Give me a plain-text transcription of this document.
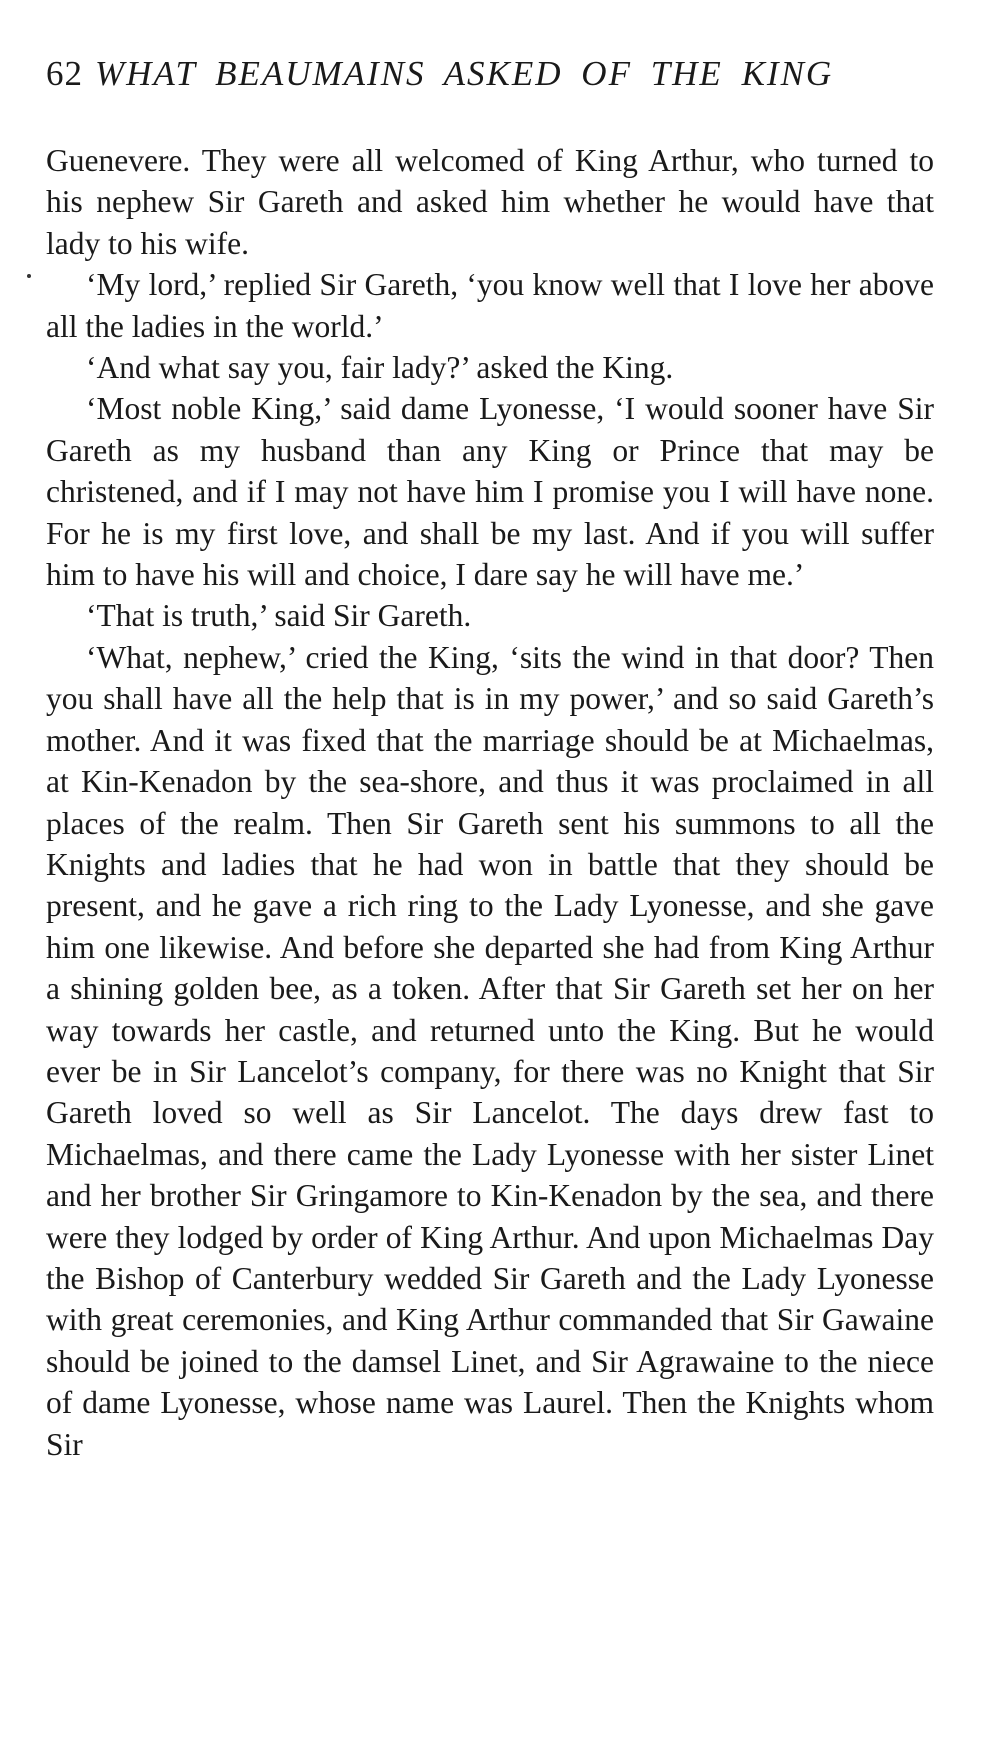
62 WHAT BEAUMAINS ASKED OF THE KING

Guenevere. They were all welcomed of King Arthur, who turned to his nephew Sir Gareth and asked him whether he would have that lady to his wife.

‘My lord,’ replied Sir Gareth, ‘you know well that I love her above all the ladies in the world.’

‘And what say you, fair lady?’ asked the King.

‘Most noble King,’ said dame Lyonesse, ‘I would sooner have Sir Gareth as my husband than any King or Prince that may be christened, and if I may not have him I promise you I will have none. For he is my first love, and shall be my last. And if you will suffer him to have his will and choice, I dare say he will have me.’

‘That is truth,’ said Sir Gareth.

‘What, nephew,’ cried the King, ‘sits the wind in that door? Then you shall have all the help that is in my power,’ and so said Gareth’s mother. And it was fixed that the marriage should be at Michaelmas, at Kin-Kenadon by the sea-shore, and thus it was proclaimed in all places of the realm. Then Sir Gareth sent his summons to all the Knights and ladies that he had won in battle that they should be present, and he gave a rich ring to the Lady Lyonesse, and she gave him one likewise. And before she departed she had from King Arthur a shining golden bee, as a token. After that Sir Gareth set her on her way towards her castle, and returned unto the King. But he would ever be in Sir Lancelot’s company, for there was no Knight that Sir Gareth loved so well as Sir Lancelot. The days drew fast to Michaelmas, and there came the Lady Lyonesse with her sister Linet and her brother Sir Gringamore to Kin-Kenadon by the sea, and there were they lodged by order of King Arthur. And upon Michaelmas Day the Bishop of Canterbury wedded Sir Gareth and the Lady Lyonesse with great ceremonies, and King Arthur commanded that Sir Gawaine should be joined to the damsel Linet, and Sir Agrawaine to the niece of dame Lyonesse, whose name was Laurel. Then the Knights whom Sir
